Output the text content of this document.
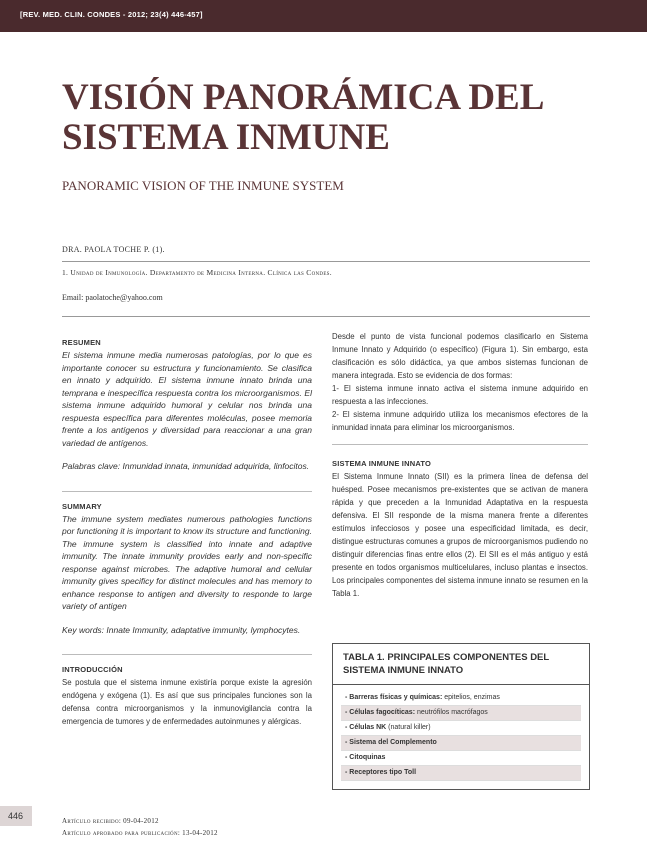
[REV. MED. CLIN. CONDES - 2012; 23(4) 446-457]
VISIÓN PANORÁMICA DEL SISTEMA INMUNE
PANORAMIC VISION OF THE INMUNE SYSTEM
DRA. PAOLA TOCHE P. (1).
1. Unidad de Inmunología. Departamento de Medicina Interna. Clínica las Condes.
Email: paolatoche@yahoo.com
RESUMEN

El sistema inmune media numerosas patologías, por lo que es importante conocer su estructura y funcionamiento. Se clasifica en innato y adquirido. El sistema inmune innato brinda una temprana e inespecífica respuesta contra los microorganismos. El sistema inmune adquirido humoral y celular nos brinda una respuesta específica para diferentes moléculas, posee memoria frente a los antígenos y diversidad para reaccionar a una gran variedad de antígenos.

Palabras clave: Inmunidad innata, inmunidad adquirida, linfocitos.

SUMMARY

The immune system mediates numerous pathologies functions por functioning it is important to know its structure and functioning. The immune system is classified into innate and adaptive immunity. The innate immunity provides early and non-specific response against microbes. The adaptive humoral and cellular immunity gives specificy for distinct molecules and has memory to enhance response to antigen and diversity to responde to large variety of antigen

Key words: Innate Immunity, adaptative immunity, lymphocytes.

INTRODUCCIÓN

Se postula que el sistema inmune existiría porque existe la agresión endógena y exógena (1). Es así que sus principales funciones son la defensa contra microorganismos y la inmunovigilancia contra la emergencia de tumores y de enfermedades autoinmunes y alérgicas.

Desde el punto de vista funcional podemos clasificarlo en Sistema Inmune Innato y Adquirido (o específico) (Figura 1). Sin embargo, esta clasificación es sólo didáctica, ya que ambos sistemas funcionan de manera integrada. Esto se evidencia de dos formas:

1- El sistema inmune innato activa el sistema inmune adquirido en respuesta a las infecciones.

2- El sistema inmune adquirido utiliza los mecanismos efectores de la inmunidad innata para eliminar los microorganismos.

SISTEMA INMUNE INNATO

El Sistema Inmune Innato (SII) es la primera línea de defensa del huésped. Posee mecanismos pre-existentes que se activan de manera rápida y que preceden a la Inmunidad Adaptativa en la respuesta defensiva. El SII responde de la misma manera frente a diferentes estímulos infecciosos y posee una especificidad limitada, es decir, distingue estructuras comunes a grupos de microorganismos pudiendo no distinguir diferencias finas entre ellos (2). El SII es el más antiguo y está presente en todos organismos multicelulares, incluso plantas e insectos. Los principales componentes del sistema inmune innato se resumen en la Tabla 1.

TABLA 1. PRINCIPALES COMPONENTES DEL SISTEMA INMUNE INNATO
- Barreras físicas y químicas: epitelios, enzimas
- Células fagocíticas: neutrófilos macrófagos
- Células NK (natural killer)
- Sistema del Complemento
- Citoquinas
- Receptores tipo Toll
446	Artículo recibido: 09-04-2012
Artículo aprobado para publicación: 13-04-2012
